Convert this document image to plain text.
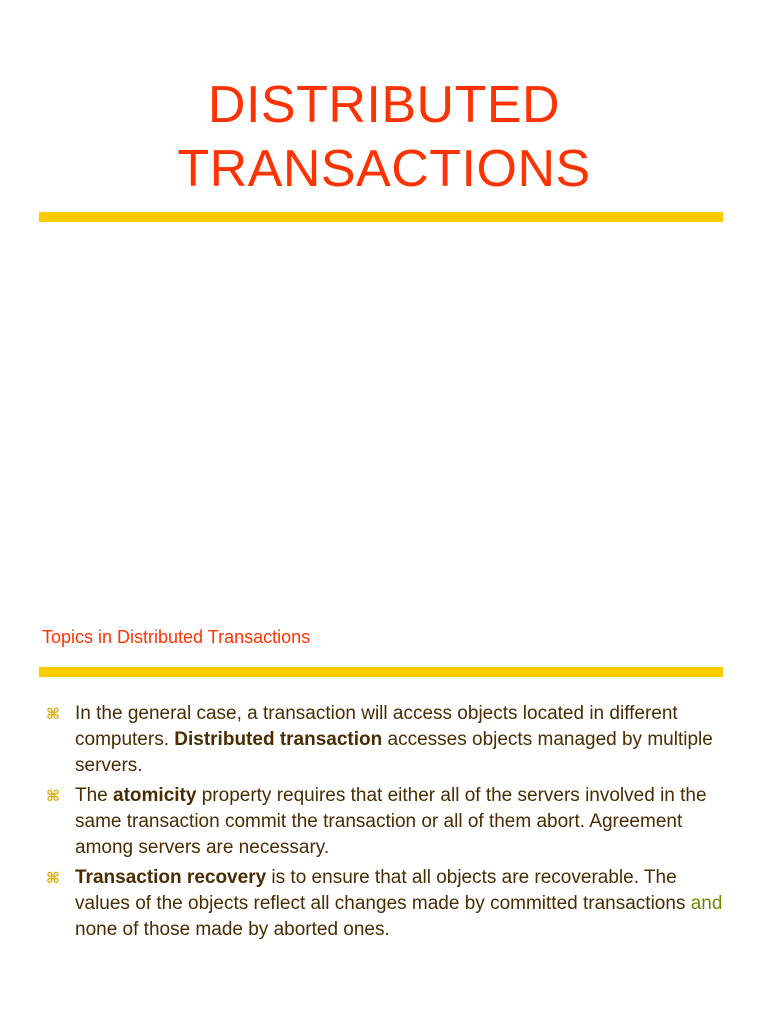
DISTRIBUTED
TRANSACTIONS
Topics in Distributed Transactions
⌘ In the general case, a transaction will access objects located in different computers. Distributed transaction accesses objects managed by multiple servers.
⌘ The atomicity property requires that either all of the servers involved in the same transaction commit the transaction or all of them abort. Agreement among servers are necessary.
⌘ Transaction recovery is to ensure that all objects are recoverable. The values of the objects reflect all changes made by committed transactions and none of those made by aborted ones.
